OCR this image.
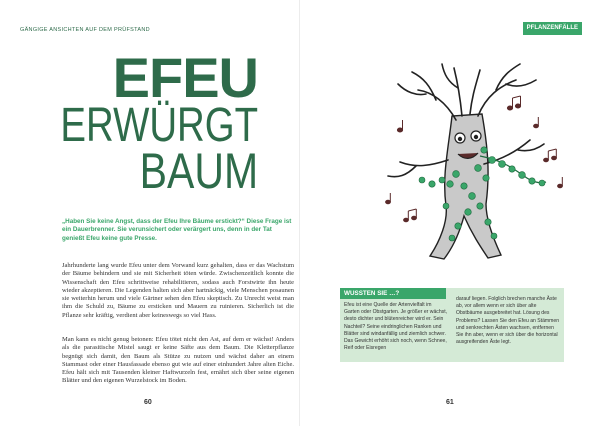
GÄNGIGE ANSICHTEN AUF DEM PRÜFSTAND
EFEU
ERWÜRGT
BAUM
„Haben Sie keine Angst, dass der Efeu Ihre Bäume erstickt?“ Diese Frage ist ein Dauerbrenner. Sie verunsichert oder verärgert uns, denn in der Tat genießt Efeu keine gute Presse.
Jahrhunderte lang wurde Efeu unter dem Vorwand kurz gehalten, dass er das Wachstum der Bäume behindern und sie mit Sicherheit töten würde. Zwischenzeitlich konnte die Wissenschaft den Efeu schrittweise rehabilitieren, sodass auch Forstwirte ihn heute wieder akzeptieren. Die Legenden halten sich aber hartnäckig, viele Menschen posaunen sie weiterhin herum und viele Gärtner sehen den Efeu skeptisch. Zu Unrecht weist man ihm die Schuld zu, Bäume zu ersticken und Mauern zu ruinieren. Sicherlich ist die Pflanze sehr kräftig, verdient aber keineswegs so viel Hass.
Man kann es nicht genug betonen: Efeu tötet nicht den Ast, auf dem er wächst! Anders als die parasitische Mistel saugt er keine Säfte aus dem Baum. Die Kletterpflanze begnügt sich damit, den Baum als Stütze zu nutzen und wächst daher an einem Stammast oder einer Hausfassade ebenso gut wie auf einer einhundert Jahre alten Eiche. Efeu hält sich mit Tausenden kleiner Haftwurzeln fest, ernährt sich über seine eigenen Blätter und den eigenen Wurzelstock im Boden.
60
PFLANZENFÄLLE
WUSSTEN SIE …?
Efeu ist eine Quelle der Artenvielfalt im Garten oder Obstgarten. Je größer er wächst, desto dichter und blütenreicher wird er. Sein Nachteil? Seine eindringlichen Ranken und Blätter sind windanfällig und ziemlich schwer. Das Gewicht erhöht sich noch, wenn Schnee, Reif oder Eisregen
darauf liegen. Folglich brechen manche Äste ab, vor allem wenn er sich über alte Obstbäume ausgebreitet hat. Lösung des Problems? Lassen Sie den Efeu an Stämmen und senkrechten Ästen wachsen, entfernen Sie ihn aber, wenn er sich über die horizontal ausgreifenden Äste legt.
61
